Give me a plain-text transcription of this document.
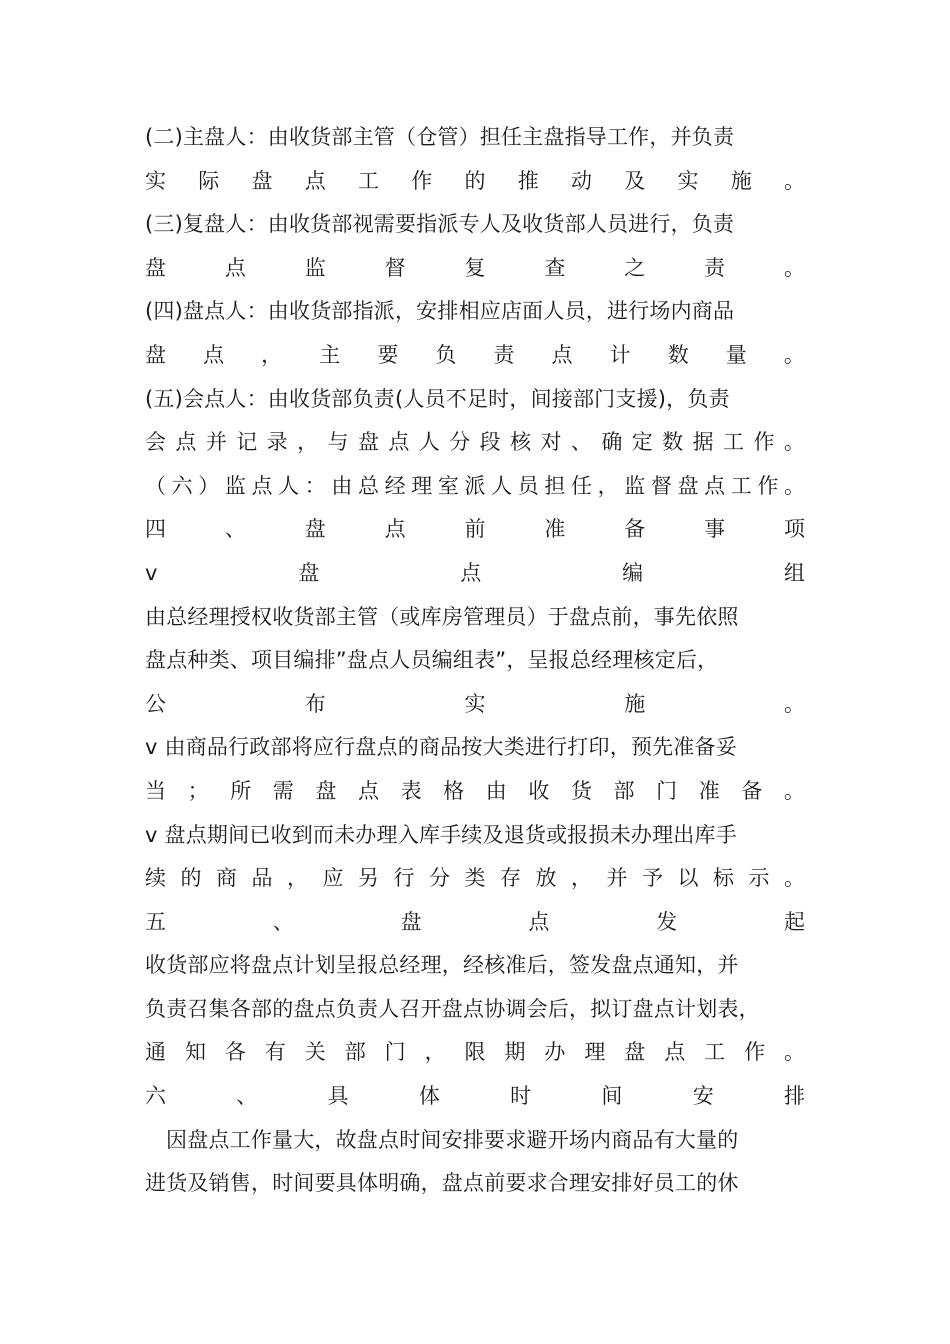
(二)主盘人：由收货部主管（仓管）担任主盘指导工作，并负责
实 际 盘 点 工 作 的 推 动 及 实 施 。
(三)复盘人：由收货部视需要指派专人及收货部人员进行，负责
盘	点	监	督	复	查	之	责	。
(四)盘点人：由收货部指派，安排相应店面人员，进行场内商品
盘 点 ， 主 要 负 责 点 计 数 量 。
(五)会点人：由收货部负责(人员不足时，间接部门支援)，负责
会 点 并 记 录 ， 与 盘 点 人 分 段 核 对 、 确 定 数 据 工 作 。
（ 六 ） 监 点 人 ： 由 总 经 理 室 派 人 员 担 任 ， 监 督 盘 点 工 作 。
四	、	盘	点	前	准	备	事	项
v	盘	点	编	组
由总经理授权收货部主管（或库房管理员）于盘点前，事先依照
盘点种类、项目编排”盘点人员编组表”，呈报总经理核定后，
公	布	实	施	。
v 由商品行政部将应行盘点的商品按大类进行打印，预先准备妥
当 ； 所 需 盘 点 表 格 由 收 货 部 门 准 备 。
v 盘点期间已收到而未办理入库手续及退货或报损未办理出库手
续 的 商 品 ， 应 另 行 分 类 存 放 ， 并 予 以 标 示 。
五	、	盘	点	发	起
收货部应将盘点计划呈报总经理，经核准后，签发盘点通知，并
负责召集各部的盘点负责人召开盘点协调会后，拟订盘点计划表，
通 知 各 有 关 部 门 ， 限 期 办 理 盘 点 工 作 。
六	、	具	体	时	间	安	排
因盘点工作量大，故盘点时间安排要求避开场内商品有大量的
进货及销售，时间要具体明确，盘点前要求合理安排好员工的休
